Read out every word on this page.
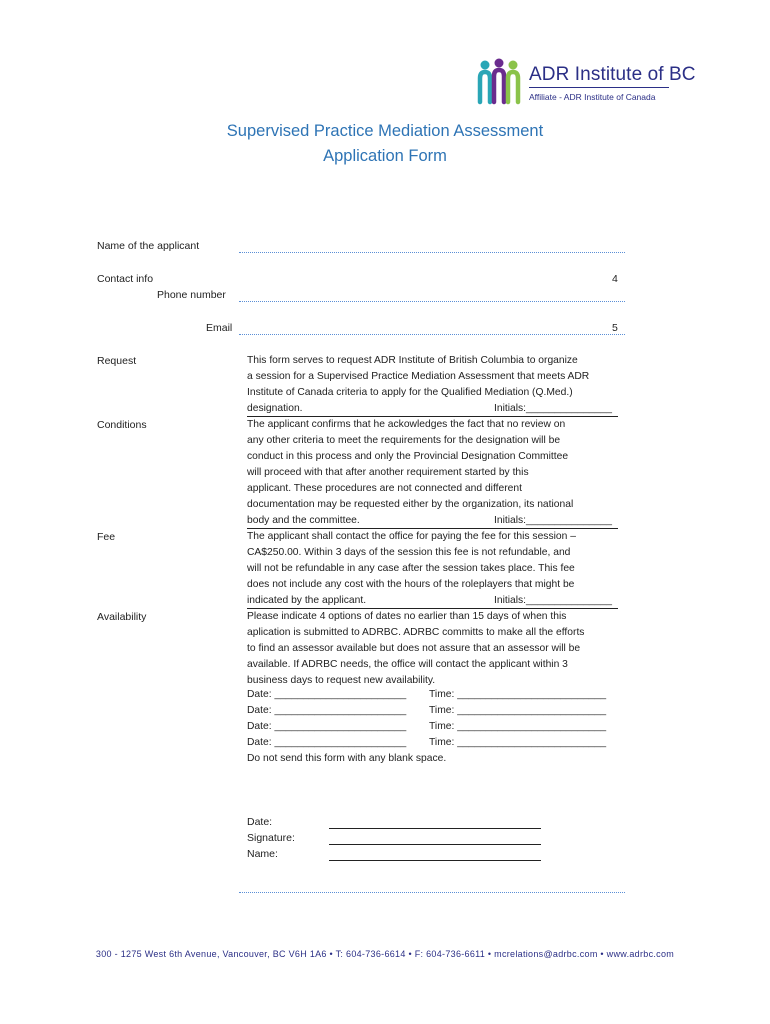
ADR Institute of BC
Affiliate - ADR Institute of Canada
Supervised Practice Mediation Assessment
Application Form
Name of the applicant
Contact info	4
Phone number
Email	5
Request	This form serves to request ADR Institute of British Columbia to organize

a session for a Supervised Practice Mediation Assessment that meets ADR

Institute of Canada criteria to apply for the Qualified Mediation (Q.Med.)

designation.	Initials:_______________
Conditions	The applicant confirms that he ackowledges the fact that no review on

any other criteria to meet the requirements for the designation will be

conduct in this process and only the Provincial Designation Committee

will proceed with that after another requirement started by this

applicant. These procedures are not connected and different

documentation may be requested either by the organization, its national

body and the committee.	Initials:_______________
Fee	The applicant shall contact the office for paying the fee for this session –

CA$250.00. Within 3 days of the session this fee is not refundable, and

will not be refundable in any case after the session takes place. This fee

does not include any cost with the hours of the roleplayers that might be

indicated by the applicant.	Initials:_______________
Availability	Please indicate 4 options of dates no earlier than 15 days of when this

aplication is submitted to ADRBC. ADRBC committs to make all the efforts

to find an assessor available but does not assure that an assessor will be

available. If ADRBC needs, the office will contact the applicant within 3

business days to request new availability.

Date: _______________________ Time: __________________________
Date: _______________________ Time: __________________________
Date: _______________________ Time: __________________________
Date: _______________________ Time: __________________________
Do not send this form with any blank space.
Date:
Signature:
Name:
300 - 1275 West 6th Avenue, Vancouver, BC V6H 1A6 • T: 604-736-6614 • F: 604-736-6611 • mcrelations@adrbc.com • www.adrbc.com
